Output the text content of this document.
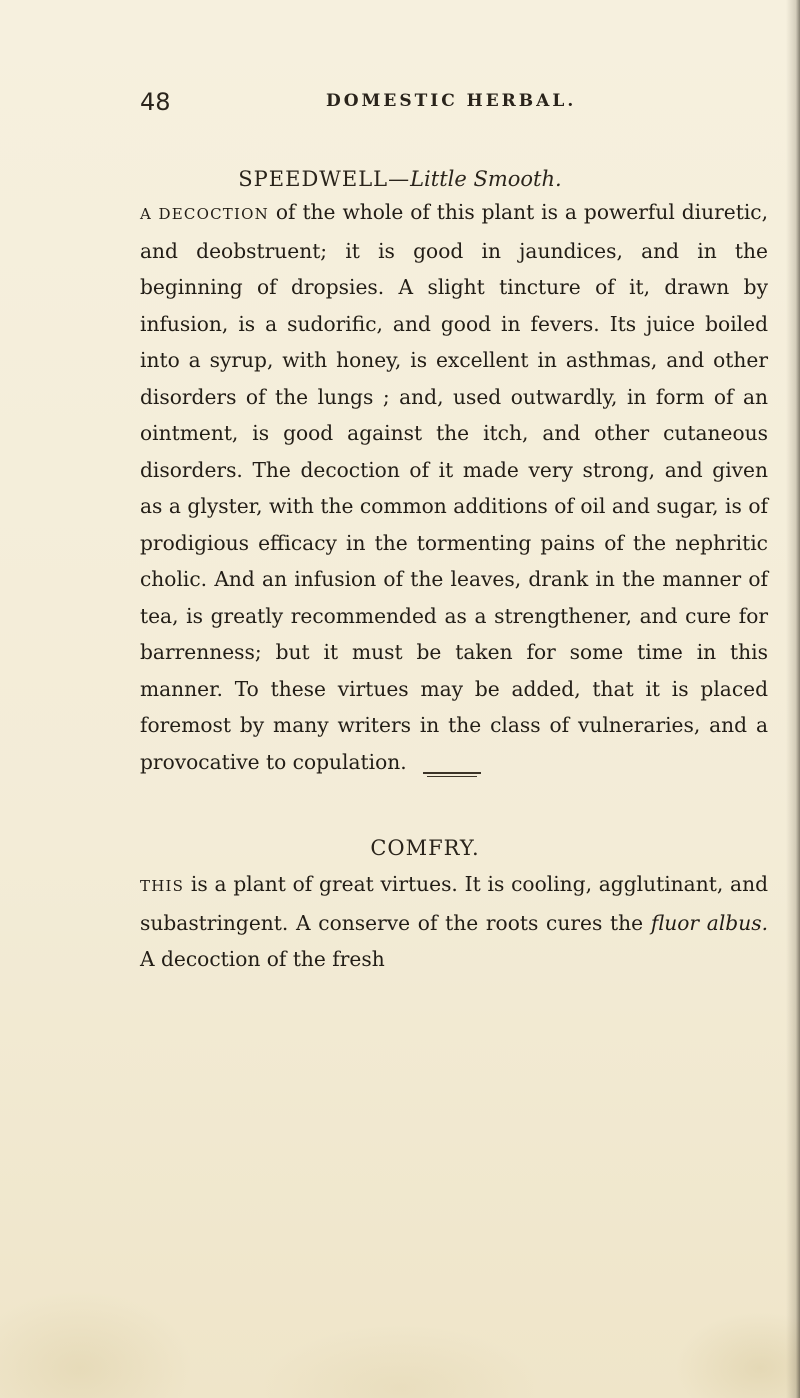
48	DOMESTIC HERBAL.
SPEEDWELL—Little Smooth.
A DECOCTION of the whole of this plant is a powerful diuretic, and deobstruent; it is good in jaundices, and in the beginning of dropsies. A slight tincture of it, drawn by infusion, is a sudorific, and good in fevers. Its juice boiled into a syrup, with honey, is excellent in asthmas, and other disorders of the lungs ; and, used outwardly, in form of an ointment, is good against the itch, and other cutaneous disorders. The decoction of it made very strong, and given as a glyster, with the common additions of oil and sugar, is of prodigious efficacy in the tormenting pains of the nephritic cholic. And an infusion of the leaves, drank in the manner of tea, is greatly recommended as a strengthener, and cure for barrenness; but it must be taken for some time in this manner. To these virtues may be added, that it is placed foremost by many writers in the class of vulneraries, and a provocative to copulation.
COMFRY.
THIS is a plant of great virtues. It is cooling, agglutinant, and subastringent. A conserve of the roots cures the fluor albus. A decoction of the fresh
